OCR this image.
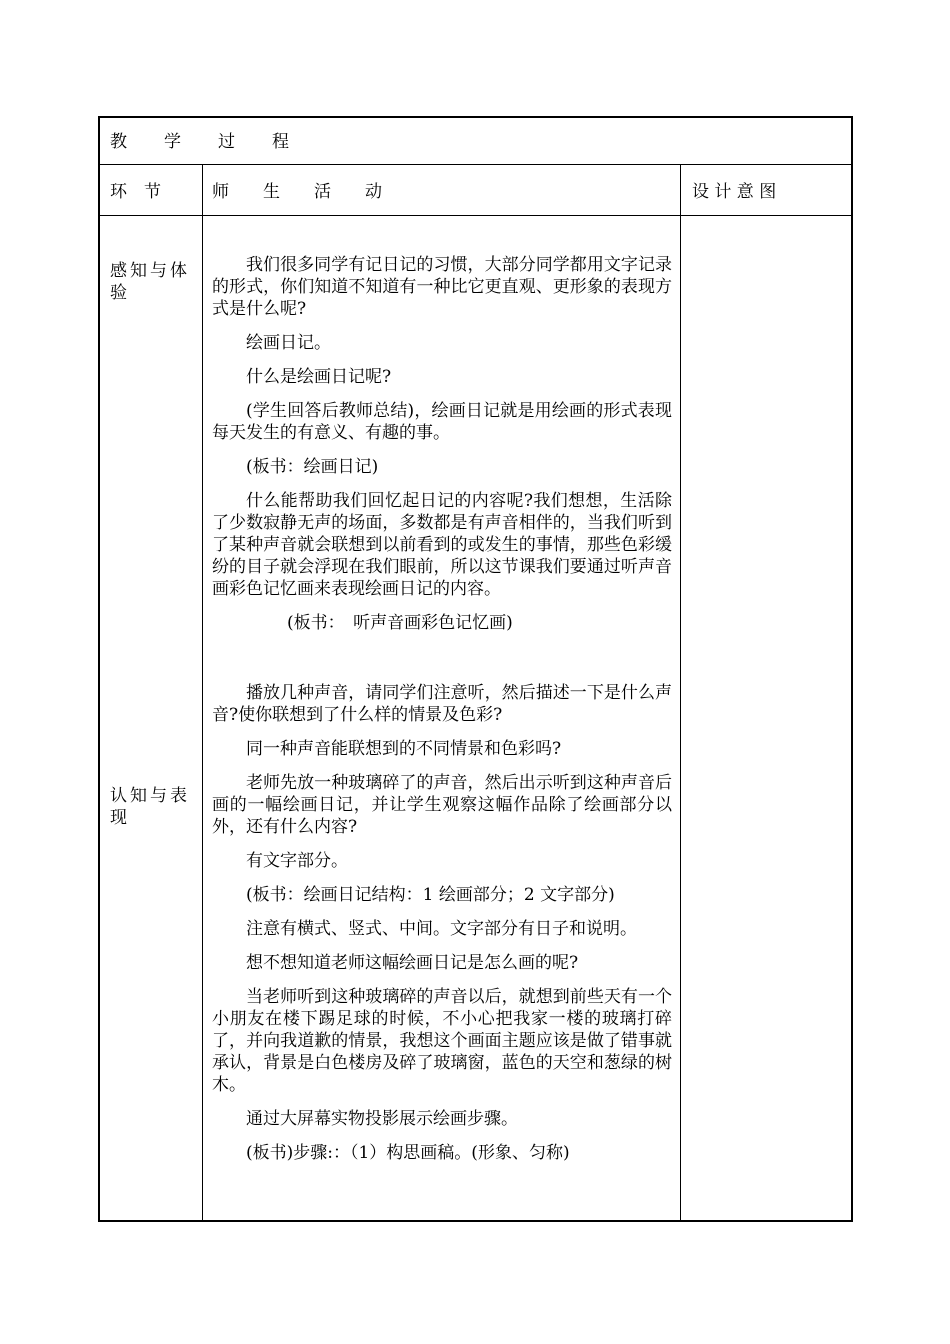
教　　学　　过　　程
环　节	师　　生　　活　　动	设 计 意 图
感知与体验
认知与表现

我们很多同学有记日记的习惯，大部分同学都用文字记录的形式，你们知道不知道有一种比它更直观、更形象的表现方式是什么呢?

绘画日记。

什么是绘画日记呢?

(学生回答后教师总结)，绘画日记就是用绘画的形式表现每天发生的有意义、有趣的事。

(板书：绘画日记)

什么能帮助我们回忆起日记的内容呢?我们想想，生活除了少数寂静无声的场面，多数都是有声音相伴的，当我们听到了某种声音就会联想到以前看到的或发生的事情，那些色彩缓纷的目子就会浮现在我们眼前，所以这节课我们要通过听声音画彩色记忆画来表现绘画日记的内容。

(板书：　听声音画彩色记忆画)

播放几种声音，请同学们注意听，然后描述一下是什么声音?使你联想到了什么样的情景及色彩?

同一种声音能联想到的不同情景和色彩吗?

老师先放一种玻璃碎了的声音，然后出示听到这种声音后画的一幅绘画日记，并让学生观察这幅作品除了绘画部分以外，还有什么内容?

有文字部分。

(板书：绘画日记结构：1 绘画部分；2 文字部分)

注意有横式、竖式、中间。文字部分有日子和说明。

想不想知道老师这幅绘画日记是怎么画的呢?

当老师听到这种玻璃碎的声音以后，就想到前些天有一个小朋友在楼下踢足球的时候，不小心把我家一楼的玻璃打碎了，并向我道歉的情景，我想这个画面主题应该是做了错事就承认，背景是白色楼房及碎了玻璃窗，蓝色的天空和葱绿的树木。

通过大屏幕实物投影展示绘画步骤。

(板书)步骤:：（1）构思画稿。(形象、匀称)
